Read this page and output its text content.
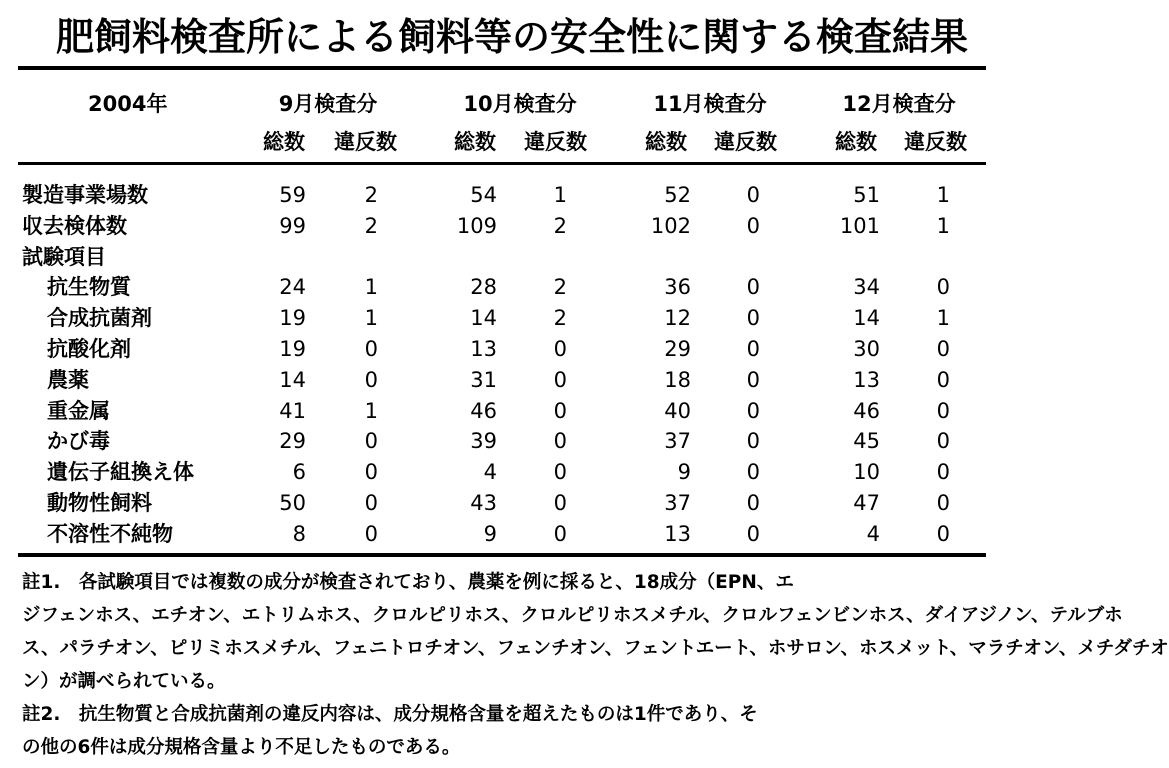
肥飼料検査所による飼料等の安全性に関する検査結果
2004年	9月検査分	10月検査分	11月検査分	12月検査分
総数 違反数	総数 違反数	総数 違反数	総数 違反数
製造事業場数	59	2	54	1	52	0	51	1
収去検体数	99	2	109	2	102	0	101	1
試験項目
抗生物質	24	1	28	2	36	0	34	0
合成抗菌剤	19	1	14	2	12	0	14	1
抗酸化剤	19	0	13	0	29	0	30	0
農薬	14	0	31	0	18	0	13	0
重金属	41	1	46	0	40	0	46	0
かび毒	29	0	39	0	37	0	45	0
遺伝子組換え体	6	0	4	0	9	0	10	0
動物性飼料	50	0	43	0	37	0	47	0
不溶性不純物	8	0	9	0	13	0	4	0
註1.　各試験項目では複数の成分が検査されており、農薬を例に採ると、18成分（EPN、エ
ジフェンホス、エチオン、エトリムホス、クロルピリホス、クロルピリホスメチル、クロルフェンビンホス、ダイアジノン、テルブホ
ス、パラチオン、ピリミホスメチル、フェニトロチオン、フェンチオン、フェントエート、ホサロン、ホスメット、マラチオン、メチダチオ
ン）が調べられている。
註2.　抗生物質と合成抗菌剤の違反内容は、成分規格含量を超えたものは1件であり、そ
の他の6件は成分規格含量より不足したものである。
